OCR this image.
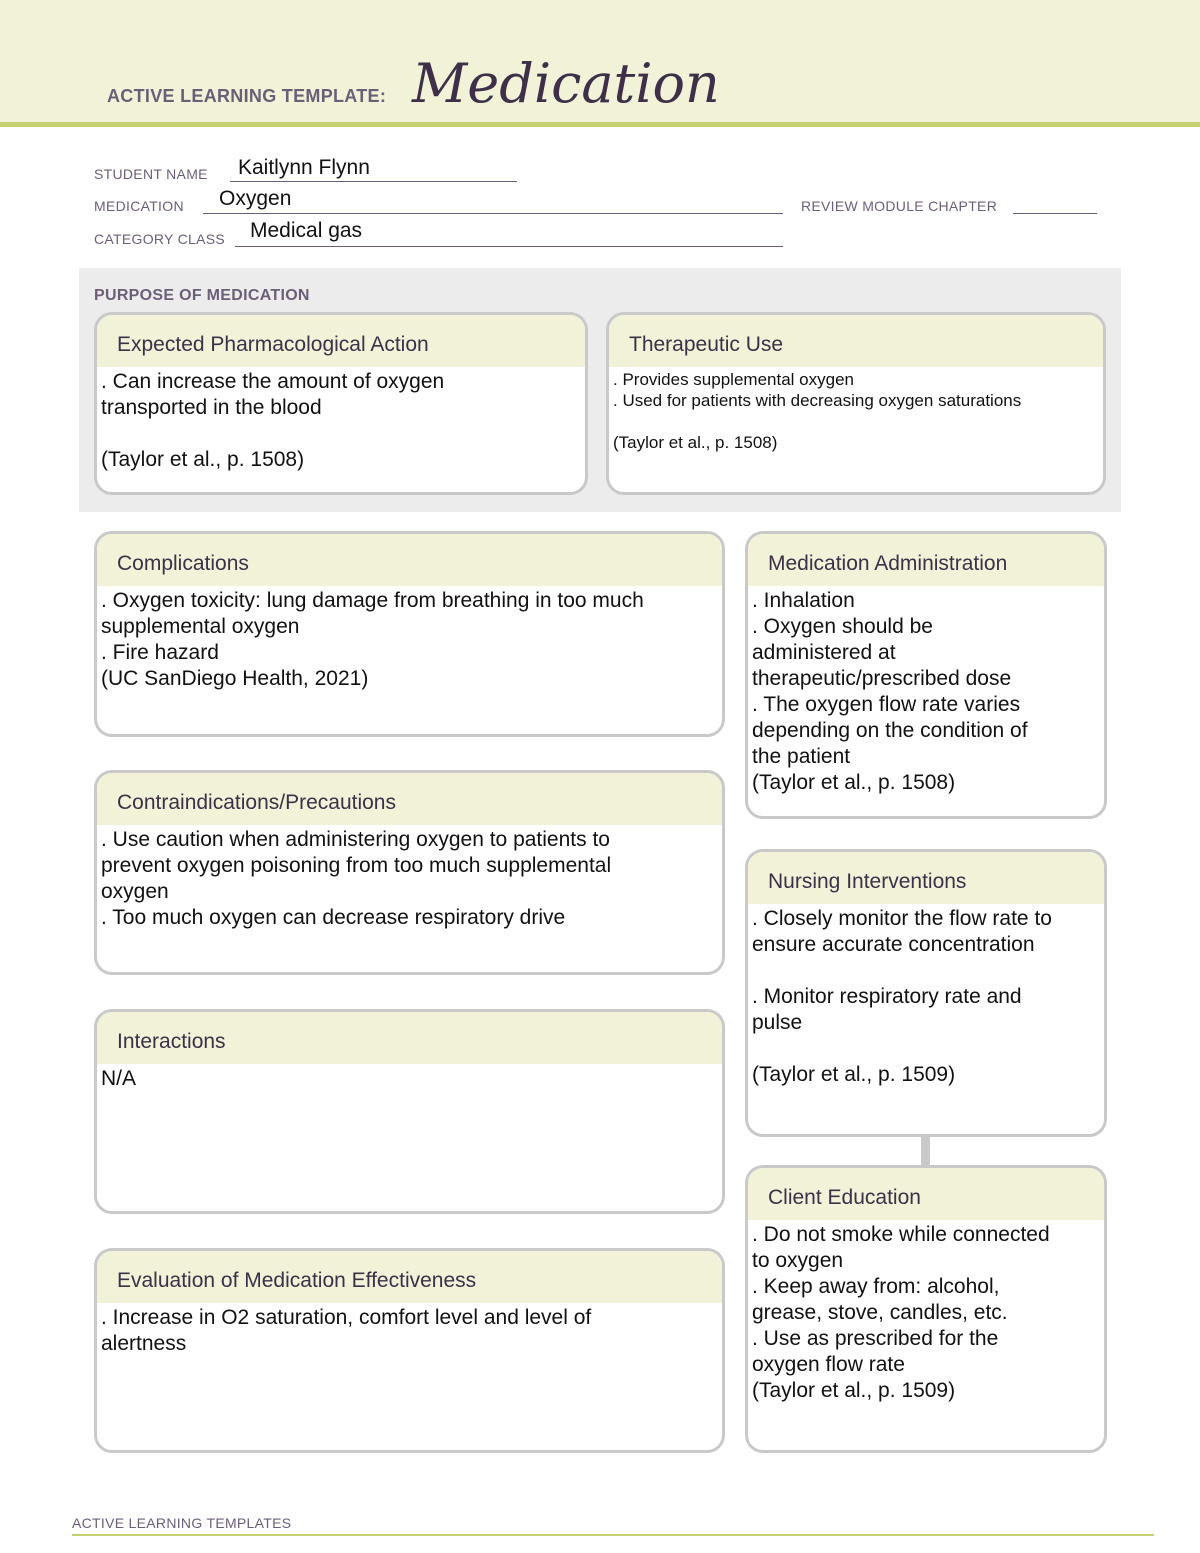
ACTIVE LEARNING TEMPLATE: Medication
STUDENT NAME Kaitlynn Flynn
MEDICATION Oxygen	REVIEW MODULE CHAPTER
CATEGORY CLASS Medical gas
PURPOSE OF MEDICATION
Expected Pharmacological Action
. Can increase the amount of oxygen
transported in the blood

(Taylor et al., p. 1508)
Therapeutic Use
. Provides supplemental oxygen
. Used for patients with decreasing oxygen saturations

(Taylor et al., p. 1508)
Complications
. Oxygen toxicity: lung damage from breathing in too much
supplemental oxygen
. Fire hazard
(UC SanDiego Health, 2021)
Contraindications/Precautions
. Use caution when administering oxygen to patients to
prevent oxygen poisoning from too much supplemental
oxygen
. Too much oxygen can decrease respiratory drive
Interactions
N/A
Evaluation of Medication Effectiveness
. Increase in O2 saturation, comfort level and level of
alertness
Medication Administration
. Inhalation
. Oxygen should be
administered at
therapeutic/prescribed dose
. The oxygen flow rate varies
depending on the condition of
the patient
(Taylor et al., p. 1508)
Nursing Interventions
. Closely monitor the flow rate to
ensure accurate concentration

. Monitor respiratory rate and
pulse

(Taylor et al., p. 1509)
Client Education
. Do not smoke while connected
to oxygen
. Keep away from: alcohol,
grease, stove, candles, etc.
. Use as prescribed for the
oxygen flow rate
(Taylor et al., p. 1509)
ACTIVE LEARNING TEMPLATES
